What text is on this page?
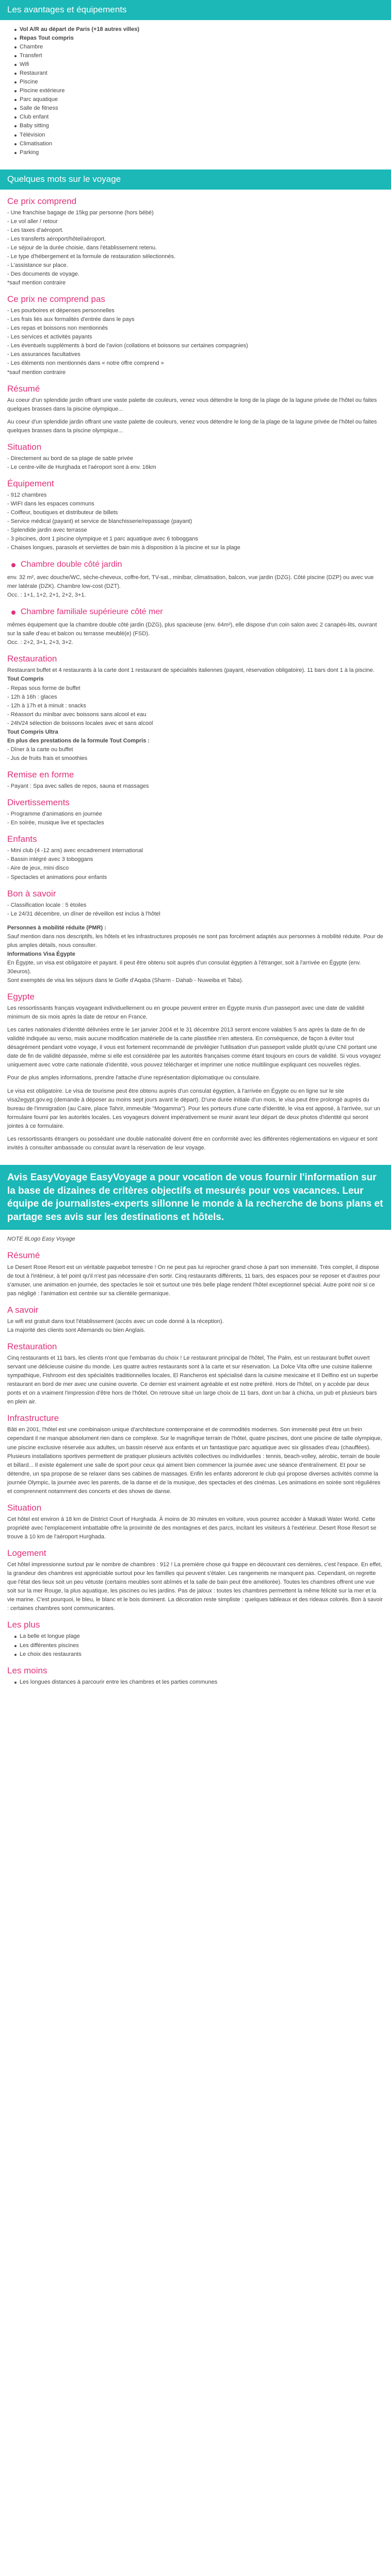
Les avantages et équipements
Vol A/R au départ de Paris (+18 autres villes)
Repas Tout compris
Chambre
Transfert
Wifi
Restaurant
Piscine
Piscine extérieure
Parc aquatique
Salle de fitness
Club enfant
Baby sitting
Télévision
Climatisation
Parking
Quelques mots sur le voyage
Ce prix comprend

- Une franchise bagage de 15kg par personne (hors bébé)

- Le vol aller / retour

- Les taxes d'aéroport.

- Les transferts aéroport/hôtel/aéroport.

- Le séjour de la durée choisie, dans l'établissement retenu.

- Le type d'hébergement et la formule de restauration sélectionnés.

- L'assistance sur place.

- Des documents de voyage.

*sauf mention contraire

Ce prix ne comprend pas

- Les pourboires et dépenses personnelles

- Les frais liés aux formalités d'entrée dans le pays

- Les repas et boissons non mentionnés

- Les services et activités payants

- Les éventuels suppléments à bord de l'avion (collations et boissons sur certaines compagnies)

- Les assurances facultatives

- Les éléments non mentionnés dans « notre offre comprend »

*sauf mention contraire

Résumé

Au coeur d'un splendide jardin offrant une vaste palette de couleurs, venez vous détendre le long de la plage de la lagune privée de l'hôtel ou faites quelques brasses dans la piscine olympique...

Au coeur d'un splendide jardin offrant une vaste palette de couleurs, venez vous détendre le long de la plage de la lagune privée de l'hôtel ou faites quelques brasses dans la piscine olympique...

Situation

- Directement au bord de sa plage de sable privée

- Le centre-ville de Hurghada et l'aéroport sont à env. 16km

Équipement

- 912 chambres

- WIFI dans les espaces communs

- Coiffeur, boutiques et distributeur de billets

- Service médical (payant) et service de blanchisserie/repassage (payant)

- Splendide jardin avec terrasse

- 3 piscines, dont 1 piscine olympique et 1 parc aquatique avec 6 toboggans

- Chaises longues, parasols et serviettes de bain mis à disposition à la piscine et sur la plage

Chambre double côté jardin

env. 32 m², avec douche/WC, sèche-cheveux, coffre-fort, TV-sat., minibar, climatisation, balcon, vue jardin (DZG). Côté piscine (DZP) ou avec vue mer latérale (DZK). Chambre low-cost (DZT).

Occ. : 1+1, 1+2, 2+1, 2+2, 3+1.

Chambre familiale supérieure côté mer

mêmes équipement que la chambre double côté jardin (DZG), plus spacieuse (env. 64m²), elle dispose d'un coin salon avec 2 canapés-lits, ouvrant sur la salle d'eau et balcon ou terrasse meublé(e) (FSD).

Occ. : 2+2, 3+1, 2+3, 3+2.

Restauration

Restaurant buffet et 4 restaurants à la carte dont 1 restaurant de spécialités italiennes (payant, réservation obligatoire). 11 bars dont 1 à la piscine.

Tout Compris

- Repas sous forme de buffet

- 12h à 16h : glaces

- 12h à 17h et à minuit : snacks

- Réassort du minibar avec boissons sans alcool et eau

- 24h/24 sélection de boissons locales avec et sans alcool

Tout Compris Ultra

En plus des prestations de la formule Tout Compris :

- Dîner à la carte ou buffet

- Jus de fruits frais et smoothies

Remise en forme

- Payant : Spa avec salles de repos, sauna et massages

Divertissements

- Programme d'animations en journée

- En soirée, musique live et spectacles

Enfants

- Mini club (4 -12 ans) avec encadrement international

- Bassin intégré avec 3 toboggans

- Aire de jeux, mini disco

- Spectacles et animations pour enfants

Bon à savoir

- Classification locale : 5 étoiles

- Le 24/31 décembre, un dîner de réveillon est inclus à l'hôtel

Personnes à mobilité réduite (PMR) :

Sauf mention dans nos descriptifs, les hôtels et les infrastructures proposés ne sont pas forcément adaptés aux personnes à mobilité réduite. Pour de plus amples détails, nous consulter.

Informations Visa Égypte

En Égypte, un visa est obligatoire et payant. Il peut être obtenu soit auprès d'un consulat égyptien à l'étranger, soit à l'arrivée en Égypte (env. 30euros).

Sont exemptés de visa les séjours dans le Golfe d'Aqaba (Sharm - Dahab - Nuweiba et Taba).

Egypte

Les ressortissants français voyageant individuellement ou en groupe peuvent entrer en Égypte munis d'un passeport avec une date de validité minimum de six mois après la date de retour en France.

Les cartes nationales d'identité délivrées entre le 1er janvier 2004 et le 31 décembre 2013 seront encore valables 5 ans après la date de fin de validité indiquée au verso, mais aucune modification matérielle de la carte plastifiée n'en attestera. En conséquence, de façon à éviter tout désagrément pendant votre voyage, il vous est fortement recommandé de privilégier l'utilisation d'un passeport valide plutôt qu'une CNI portant une date de fin de validité dépassée, même si elle est considérée par les autorités françaises comme étant toujours en cours de validité. Si vous voyagez uniquement avec votre carte nationale d'identité, vous pouvez télécharger et imprimer une notice multilingue expliquant ces nouvelles règles.

Pour de plus amples informations, prendre l'attache d'une représentation diplomatique ou consulaire.

Le visa est obligatoire. Le visa de tourisme peut être obtenu auprès d'un consulat égyptien, à l'arrivée en Égypte ou en ligne sur le site visa2egypt.gov.eg (demande à déposer au moins sept jours avant le départ). D'une durée initiale d'un mois, le visa peut être prolongé auprès du bureau de l'immigration (au Caire, place Tahrir, immeuble "Mogamma"). Pour les porteurs d'une carte d'identité, le visa est apposé, à l'arrivée, sur un formulaire fourni par les autorités locales. Les voyageurs doivent impérativement se munir avant leur départ de deux photos d'identité qui seront jointes à ce formulaire.

Les ressortissants étrangers ou possédant une double nationalité doivent être en conformité avec les différentes réglementations en vigueur et sont invités à consulter ambassade ou consulat avant la réservation de leur voyage.

Avis EasyVoyage EasyVoyage a pour vocation de vous fournir l'information sur la base de dizaines de critères objectifs et mesurés pour vos vacances. Leur équipe de journalistes-experts sillonne le monde à la recherche de bons plans et partage ses avis sur les destinations et hôtels.

NOTE 8Logo Easy Voyage

Résumé

Le Desert Rose Resort est un véritable paquebot terrestre ! On ne peut pas lui reprocher grand chose à part son immensité. Très complet, il dispose de tout à l'intérieur, à tel point qu'il n'est pas nécessaire d'en sortir. Cinq restaurants différents, 11 bars, des espaces pour se reposer et d'autres pour s'amuser, une animation en journée, des spectacles le soir et surtout une très belle plage rendent l'hôtel exceptionnel spécial. Autre point noir si ce pas négligé : l'animation est centrée sur sa clientèle germanique.

A savoir

Le wifi est gratuit dans tout l'établissement (accès avec un code donné à la réception).

La majorité des clients sont Allemands ou bien Anglais.

Restauration

Cinq restaurants et 11 bars, les clients n'ont que l'embarras du choix ! Le restaurant principal de l'hôtel, The Palm, est un restaurant buffet ouvert servant une délicieuse cuisine du monde. Les quatre autres restaurants sont à la carte et sur réservation. La Dolce Vita offre une cuisine italienne sympathique, Fishroom est des spécialités traditionnelles locales, El Rancheros est spécialisé dans la cuisine mexicaine et Il Delfino est un superbe restaurant en bord de mer avec une cuisine ouverte. Ce dernier est vraiment agréable et est notre préféré. Hors de l'hôtel, on y accède par deux ponts et on a vraiment l'impression d'être hors de l'hôtel. On retrouve situé un large choix de 11 bars, dont un bar à chicha, un pub et plusieurs bars en plein air.

Infrastructure

Bâti en 2001, l'hôtel est une combinaison unique d'architecture contemporaine et de commodités modernes. Son immensité peut être un frein cependant il ne manque absolument rien dans ce complexe. Sur le magnifique terrain de l'hôtel, quatre piscines, dont une piscine de taille olympique, une piscine exclusive réservée aux adultes, un bassin réservé aux enfants et un fantastique parc aquatique avec six glissades d'eau (chauffées). Plusieurs installations sportives permettent de pratiquer plusieurs activités collectives ou individuelles : tennis, beach-volley, aérobic, terrain de boule et billard... Il existe également une salle de sport pour ceux qui aiment bien commencer la journée avec une séance d'entraînement. Et pour se détendre, un spa propose de se relaxer dans ses cabines de massages. Enfin les enfants adoreront le club qui propose diverses activités comme la journée Olympic, la journée avec les parents, de la danse et de la musique, des spectacles et des cinémas. Les animations en soirée sont régulières et comprennent notamment des concerts et des shows de danse.

Situation

Cet hôtel est environ à 18 km de District Court of Hurghada. À moins de 30 minutes en voiture, vous pourrez accéder à Makadi Water World. Cette propriété avec l'emplacement imbattable offre la proximité de des montagnes et des parcs, incitant les visiteurs à l'extérieur. Desert Rose Resort se trouve à 10 km de l'aéroport Hurghada.

Logement

Cet hôtel impressionne surtout par le nombre de chambres : 912 ! La première chose qui frappe en découvrant ces dernières, c'est l'espace. En effet, la grandeur des chambres est appréciable surtout pour les familles qui peuvent s'étaler. Les rangements ne manquent pas. Cependant, on regrette que l'état des lieux soit un peu vétuste (certains meubles sont abîmés et la salle de bain peut être améliorée). Toutes les chambres offrent une vue soit sur la mer Rouge, la plus aquatique, les piscines ou les jardins. Pas de jaloux : toutes les chambres permettent la même félicité sur la mer et la vie marine. C'est pourquoi, le bleu, le blanc et le bois dominent. La décoration reste simpliste : quelques tableaux et des rideaux colorés. Bon à savoir : certaines chambres sont communicantes.

Les plus
La belle et longue plage
Les différentes piscines
Le choix des restaurants
Les moins
Les longues distances à parcourir entre les chambres et les parties communes
